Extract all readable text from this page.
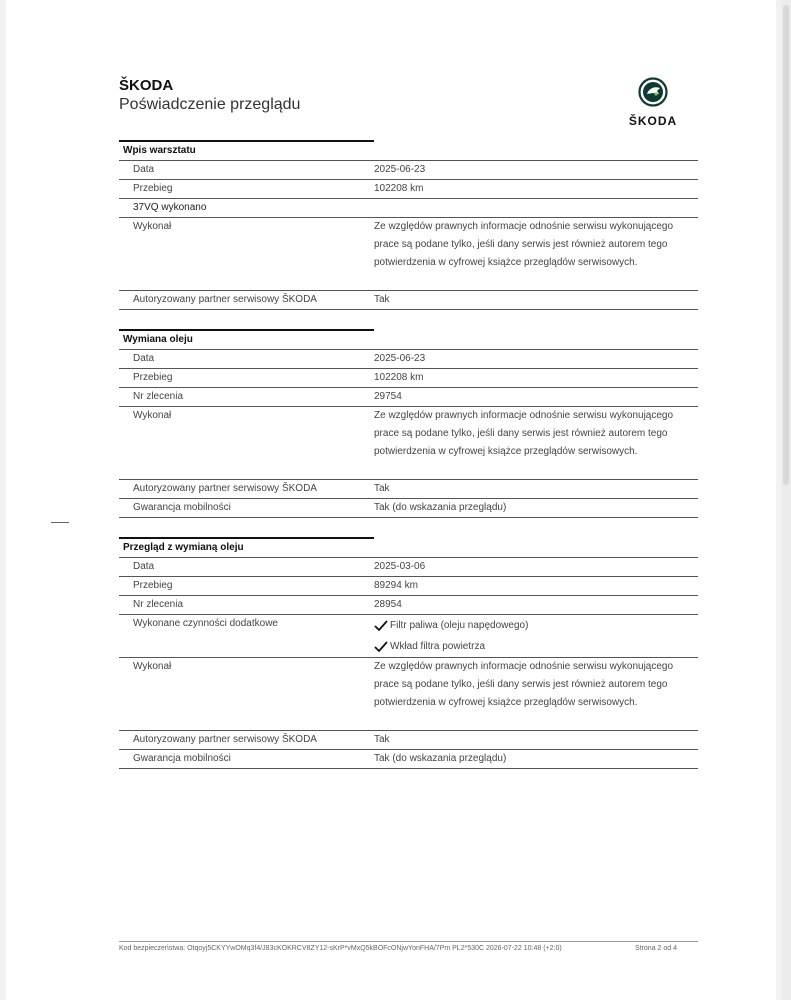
ŠKODA
Poświadczenie przeglądu
ŠKODA
Wpis warsztatu
Data	2025-06-23
Przebieg	102208 km
37VQ wykonano
Wykonał	Ze względów prawnych informacje odnośnie serwisu wykonującego prace są podane tylko, jeśli dany serwis jest również autorem tego potwierdzenia w cyfrowej książce przeglądów serwisowych.
Autoryzowany partner serwisowy ŠKODA	Tak
Wymiana oleju
Data	2025-06-23
Przebieg	102208 km
Nr zlecenia	29754
Wykonał	Ze względów prawnych informacje odnośnie serwisu wykonującego prace są podane tylko, jeśli dany serwis jest również autorem tego potwierdzenia w cyfrowej książce przeglądów serwisowych.
Autoryzowany partner serwisowy ŠKODA	Tak
Gwarancja mobilności	Tak (do wskazania przeglądu)
Przegląd z wymianą oleju
Data	2025-03-06
Przebieg	89294 km
Nr zlecenia	28954
Wykonane czynności dodatkowe	Filtr paliwa (oleju napędowego)
Wkład filtra powietrza
Wykonał	Ze względów prawnych informacje odnośnie serwisu wykonującego prace są podane tylko, jeśli dany serwis jest również autorem tego potwierdzenia w cyfrowej książce przeglądów serwisowych.
Autoryzowany partner serwisowy ŠKODA	Tak
Gwarancja mobilności	Tak (do wskazania przeglądu)
Kod bezpieczeństwa: Otqoyj5CKYYwOMq3f4/J83cKOKRCV8ZY12-sKrP*vMxQ5kBOFcONjwYonFHA/7Pm PL2*530C 2026-07-22 10:48 (+2:0)	Strona 2 od 4
